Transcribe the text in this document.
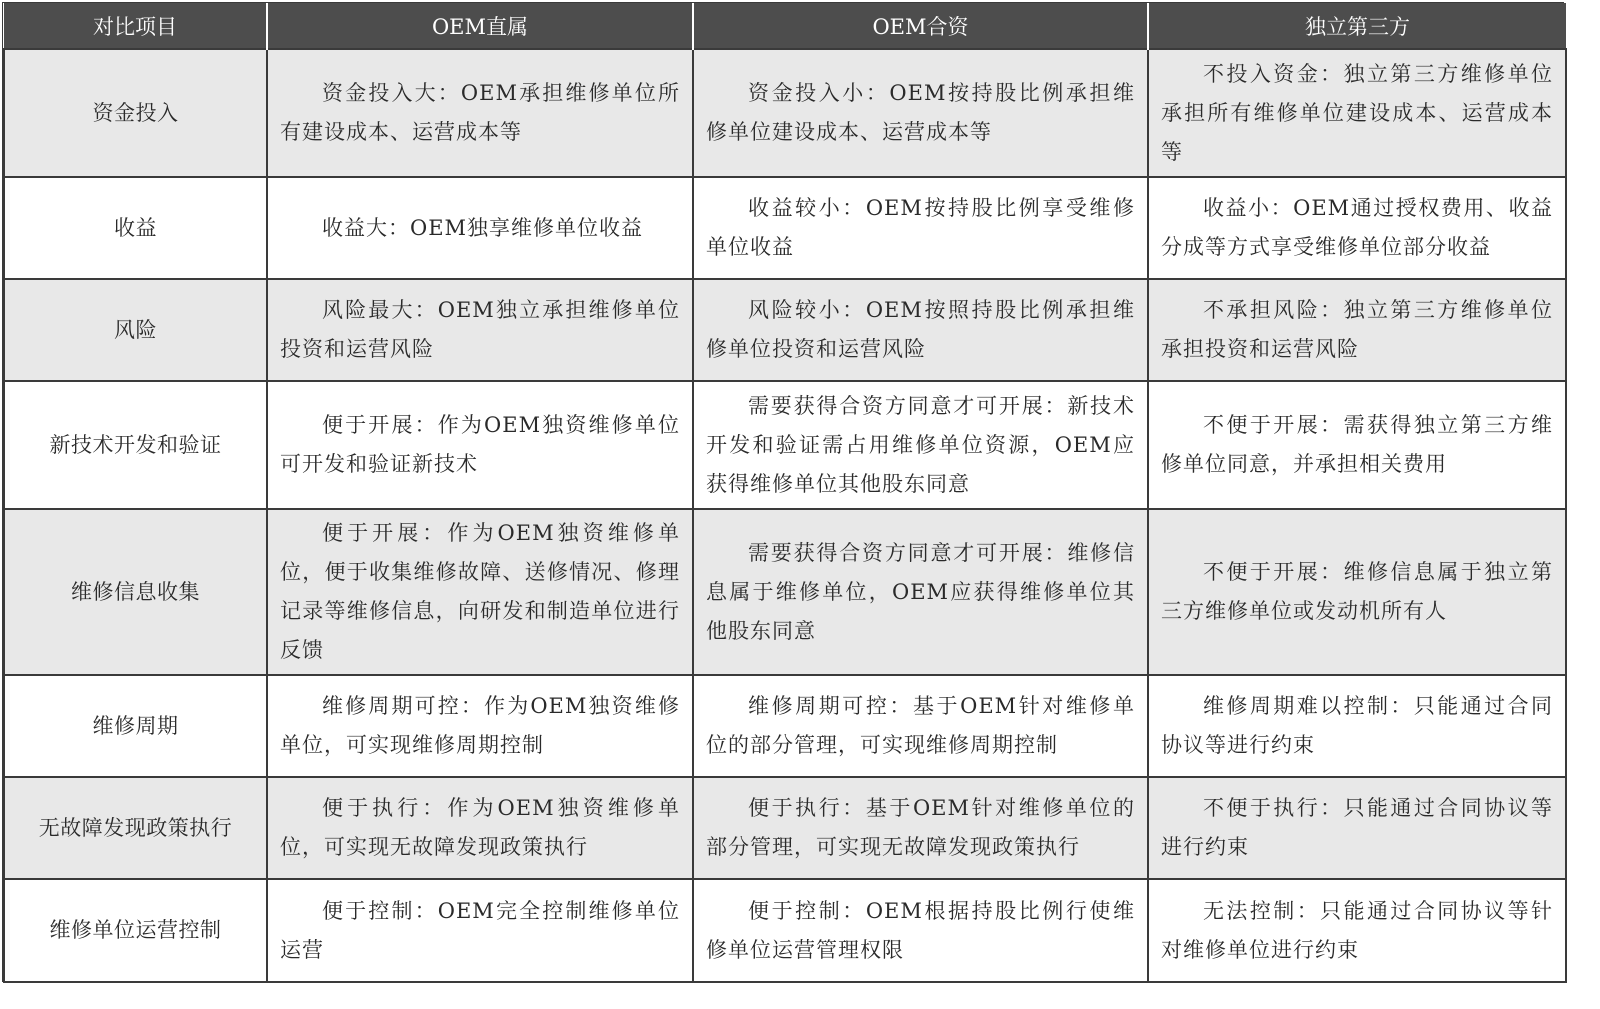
对比项目	OEM直属	OEM合资	独立第三方
资金投入	资金投入大：OEM承担维修单位所有建设成本、运营成本等	资金投入小：OEM按持股比例承担维修单位建设成本、运营成本等	不投入资金：独立第三方维修单位承担所有维修单位建设成本、运营成本等
收益	收益大：OEM独享维修单位收益	收益较小：OEM按持股比例享受维修单位收益	收益小：OEM通过授权费用、收益分成等方式享受维修单位部分收益
风险	风险最大：OEM独立承担维修单位投资和运营风险	风险较小：OEM按照持股比例承担维修单位投资和运营风险	不承担风险：独立第三方维修单位承担投资和运营风险
新技术开发和验证	便于开展：作为OEM独资维修单位可开发和验证新技术	需要获得合资方同意才可开展：新技术开发和验证需占用维修单位资源，OEM应获得维修单位其他股东同意	不便于开展：需获得独立第三方维修单位同意，并承担相关费用
维修信息收集	便于开展：作为OEM独资维修单位，便于收集维修故障、送修情况、修理记录等维修信息，向研发和制造单位进行反馈	需要获得合资方同意才可开展：维修信息属于维修单位，OEM应获得维修单位其他股东同意	不便于开展：维修信息属于独立第三方维修单位或发动机所有人
维修周期	维修周期可控：作为OEM独资维修单位，可实现维修周期控制	维修周期可控：基于OEM针对维修单位的部分管理，可实现维修周期控制	维修周期难以控制：只能通过合同协议等进行约束
无故障发现政策执行	便于执行：作为OEM独资维修单位，可实现无故障发现政策执行	便于执行：基于OEM针对维修单位的部分管理，可实现无故障发现政策执行	不便于执行：只能通过合同协议等进行约束
维修单位运营控制	便于控制：OEM完全控制维修单位运营	便于控制：OEM根据持股比例行使维修单位运营管理权限	无法控制：只能通过合同协议等针对维修单位进行约束
